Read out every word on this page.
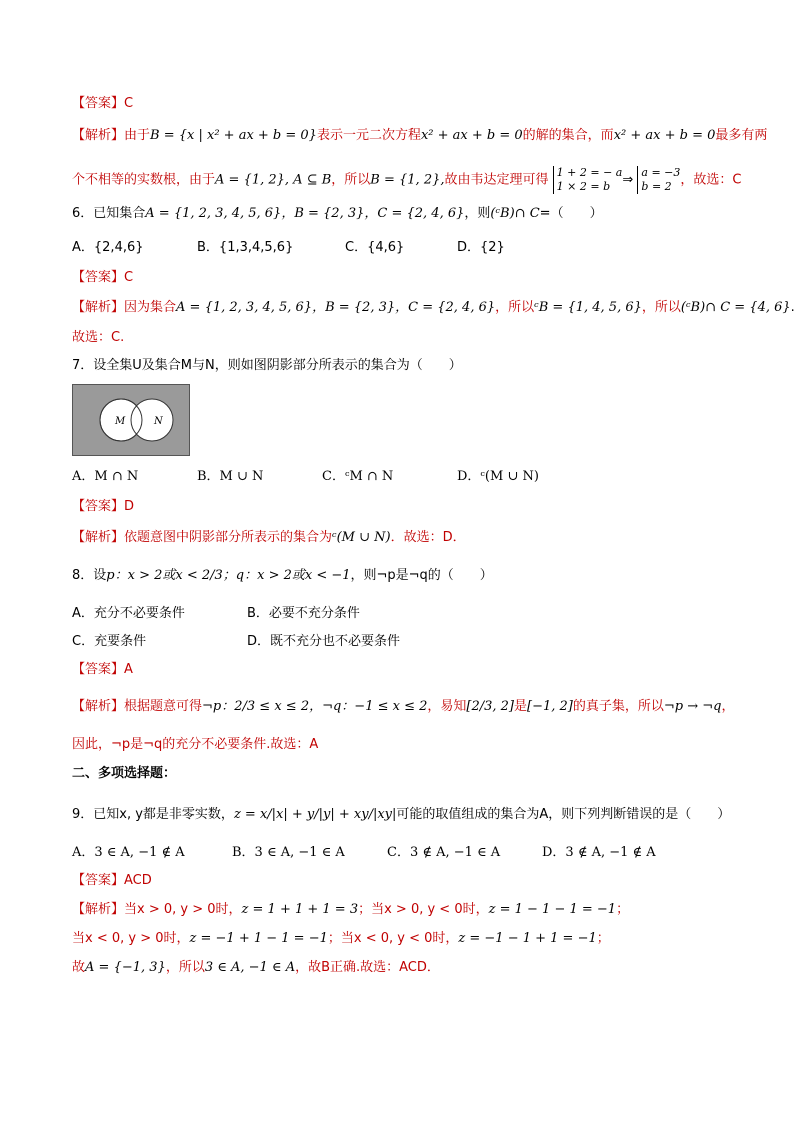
【答案】C
【解析】由于B = {x | x² + ax + b = 0}表示一元二次方程x² + ax + b = 0的解的集合，而x² + ax + b = 0最多有两
个不相等的实数根，由于A = {1, 2}, A ⊆ B，所以B = {1, 2},故由韦达定理可得 1 + 2 = − a
1 × 2 = b ⇒ a = −3
b = 2 ，故选：C
6．已知集合A = {1, 2, 3, 4, 5, 6}，B = {2, 3}，C = {2, 4, 6}，则(ᶜB)∩ C=（　　）
A．{2,4,6}	B．{1,3,4,5,6}	C．{4,6}	D．{2}
【答案】C
【解析】因为集合A = {1, 2, 3, 4, 5, 6}，B = {2, 3}，C = {2, 4, 6}，所以ᶜB = {1, 4, 5, 6}，所以(ᶜB)∩ C = {4, 6}.
故选：C.
7．设全集U及集合M与N，则如图阴影部分所表示的集合为（　　）
M	N
A．M ∩ N	B．M ∪ N	C．ᶜM ∩ N	D．ᶜ(M ∪ N)
【答案】D
【解析】依题意图中阴影部分所表示的集合为ᶜ(M ∪ N)．故选：D．
8．设p：x > 2或x < 2/3；q：x > 2或x < −1，则¬p是¬q的（　　）
A．充分不必要条件	B．必要不充分条件
C．充要条件	D．既不充分也不必要条件
【答案】A
【解析】根据题意可得¬p：2/3 ≤ x ≤ 2，¬q：−1 ≤ x ≤ 2，易知[2/3, 2]是[−1, 2]的真子集，所以¬p → ¬q，
因此，¬p是¬q的充分不必要条件.故选：A
二、多项选择题：
9．已知x, y都是非零实数，z = x/|x| + y/|y| + xy/|xy|可能的取值组成的集合为A，则下列判断错误的是（　　）
A．3 ∈ A, −1 ∉ A	B．3 ∈ A, −1 ∈ A	C．3 ∉ A, −1 ∈ A	D．3 ∉ A, −1 ∉ A
【答案】ACD
【解析】当x > 0, y > 0时，z = 1 + 1 + 1 = 3；当x > 0, y < 0时，z = 1 − 1 − 1 = −1；
当x < 0, y > 0时，z = −1 + 1 − 1 = −1；当x < 0, y < 0时，z = −1 − 1 + 1 = −1；
故A = {−1, 3}，所以3 ∈ A, −1 ∈ A，故B正确.故选：ACD．
